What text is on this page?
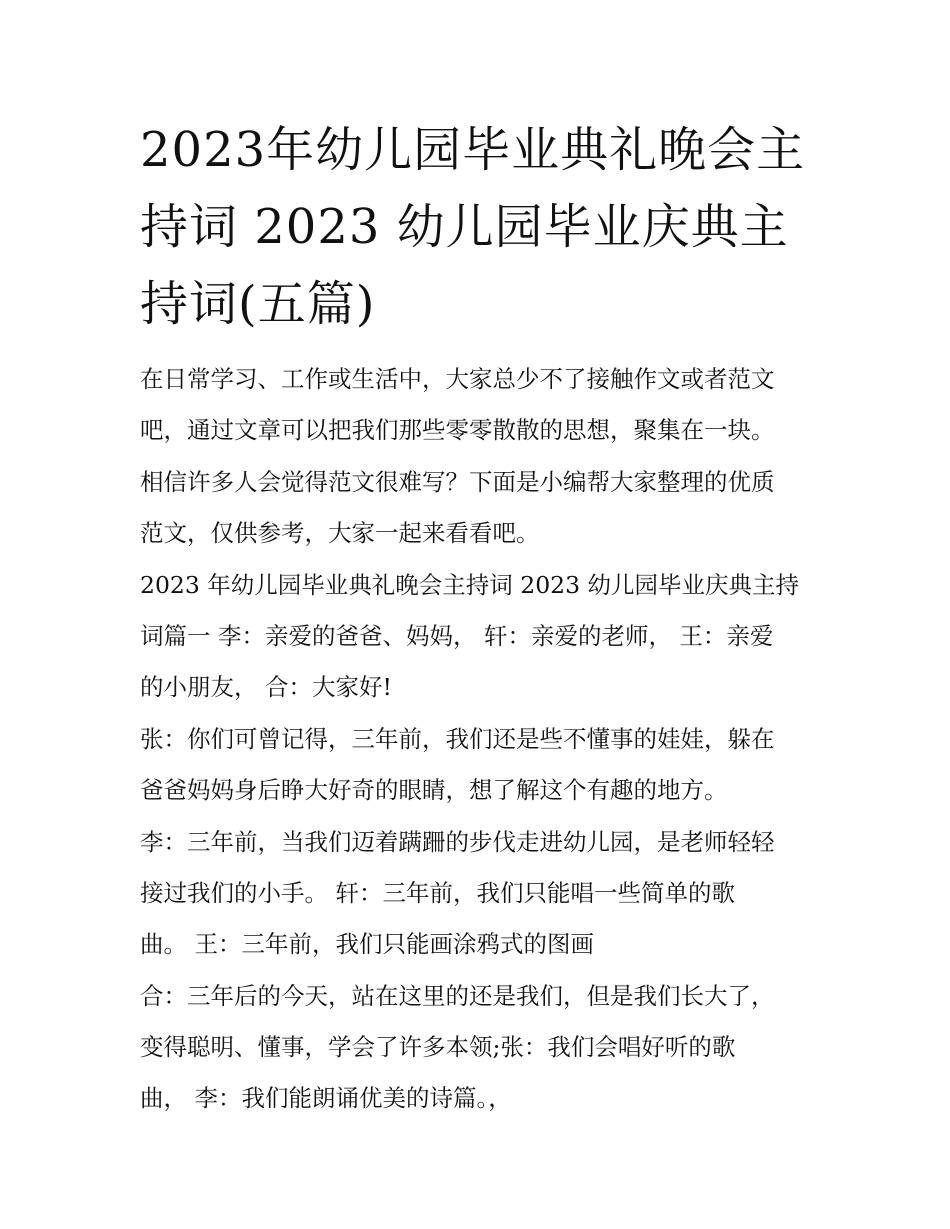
2023年幼儿园毕业典礼晚会主
持词 2023 幼儿园毕业庆典主
持词(五篇)
在日常学习、工作或生活中，大家总少不了接触作文或者范文
吧，通过文章可以把我们那些零零散散的思想，聚集在一块。
相信许多人会觉得范文很难写？下面是小编帮大家整理的优质
范文，仅供参考，大家一起来看看吧。
2023 年幼儿园毕业典礼晚会主持词 2023 幼儿园毕业庆典主持
词篇一 李：亲爱的爸爸、妈妈， 轩：亲爱的老师， 王：亲爱
的小朋友， 合：大家好!
张：你们可曾记得，三年前，我们还是些不懂事的娃娃，躲在
爸爸妈妈身后睁大好奇的眼睛，想了解这个有趣的地方。
李：三年前，当我们迈着蹒跚的步伐走进幼儿园，是老师轻轻
接过我们的小手。 轩：三年前，我们只能唱一些简单的歌
曲。 王：三年前，我们只能画涂鸦式的图画
合：三年后的今天，站在这里的还是我们，但是我们长大了，
变得聪明、懂事，学会了许多本领;张：我们会唱好听的歌
曲， 李：我们能朗诵优美的诗篇。，
